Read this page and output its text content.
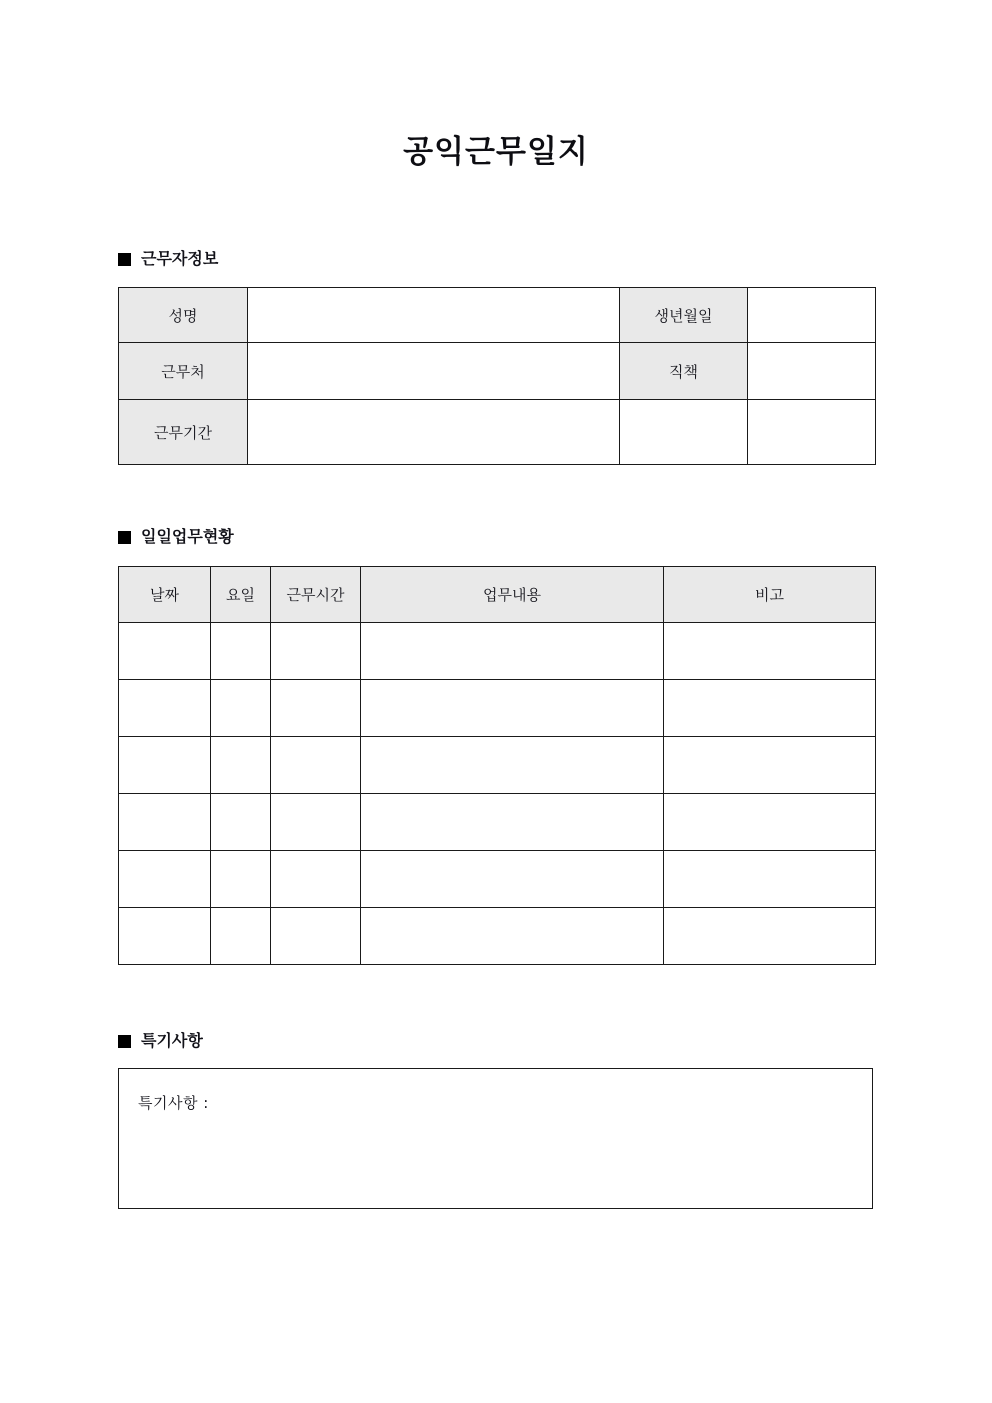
공익근무일지
근무자정보
성명		생년월일	
근무처		직책	
근무기간			
일일업무현황
날짜	요일	근무시간	업무내용	비고

특기사항
특기사항 :
